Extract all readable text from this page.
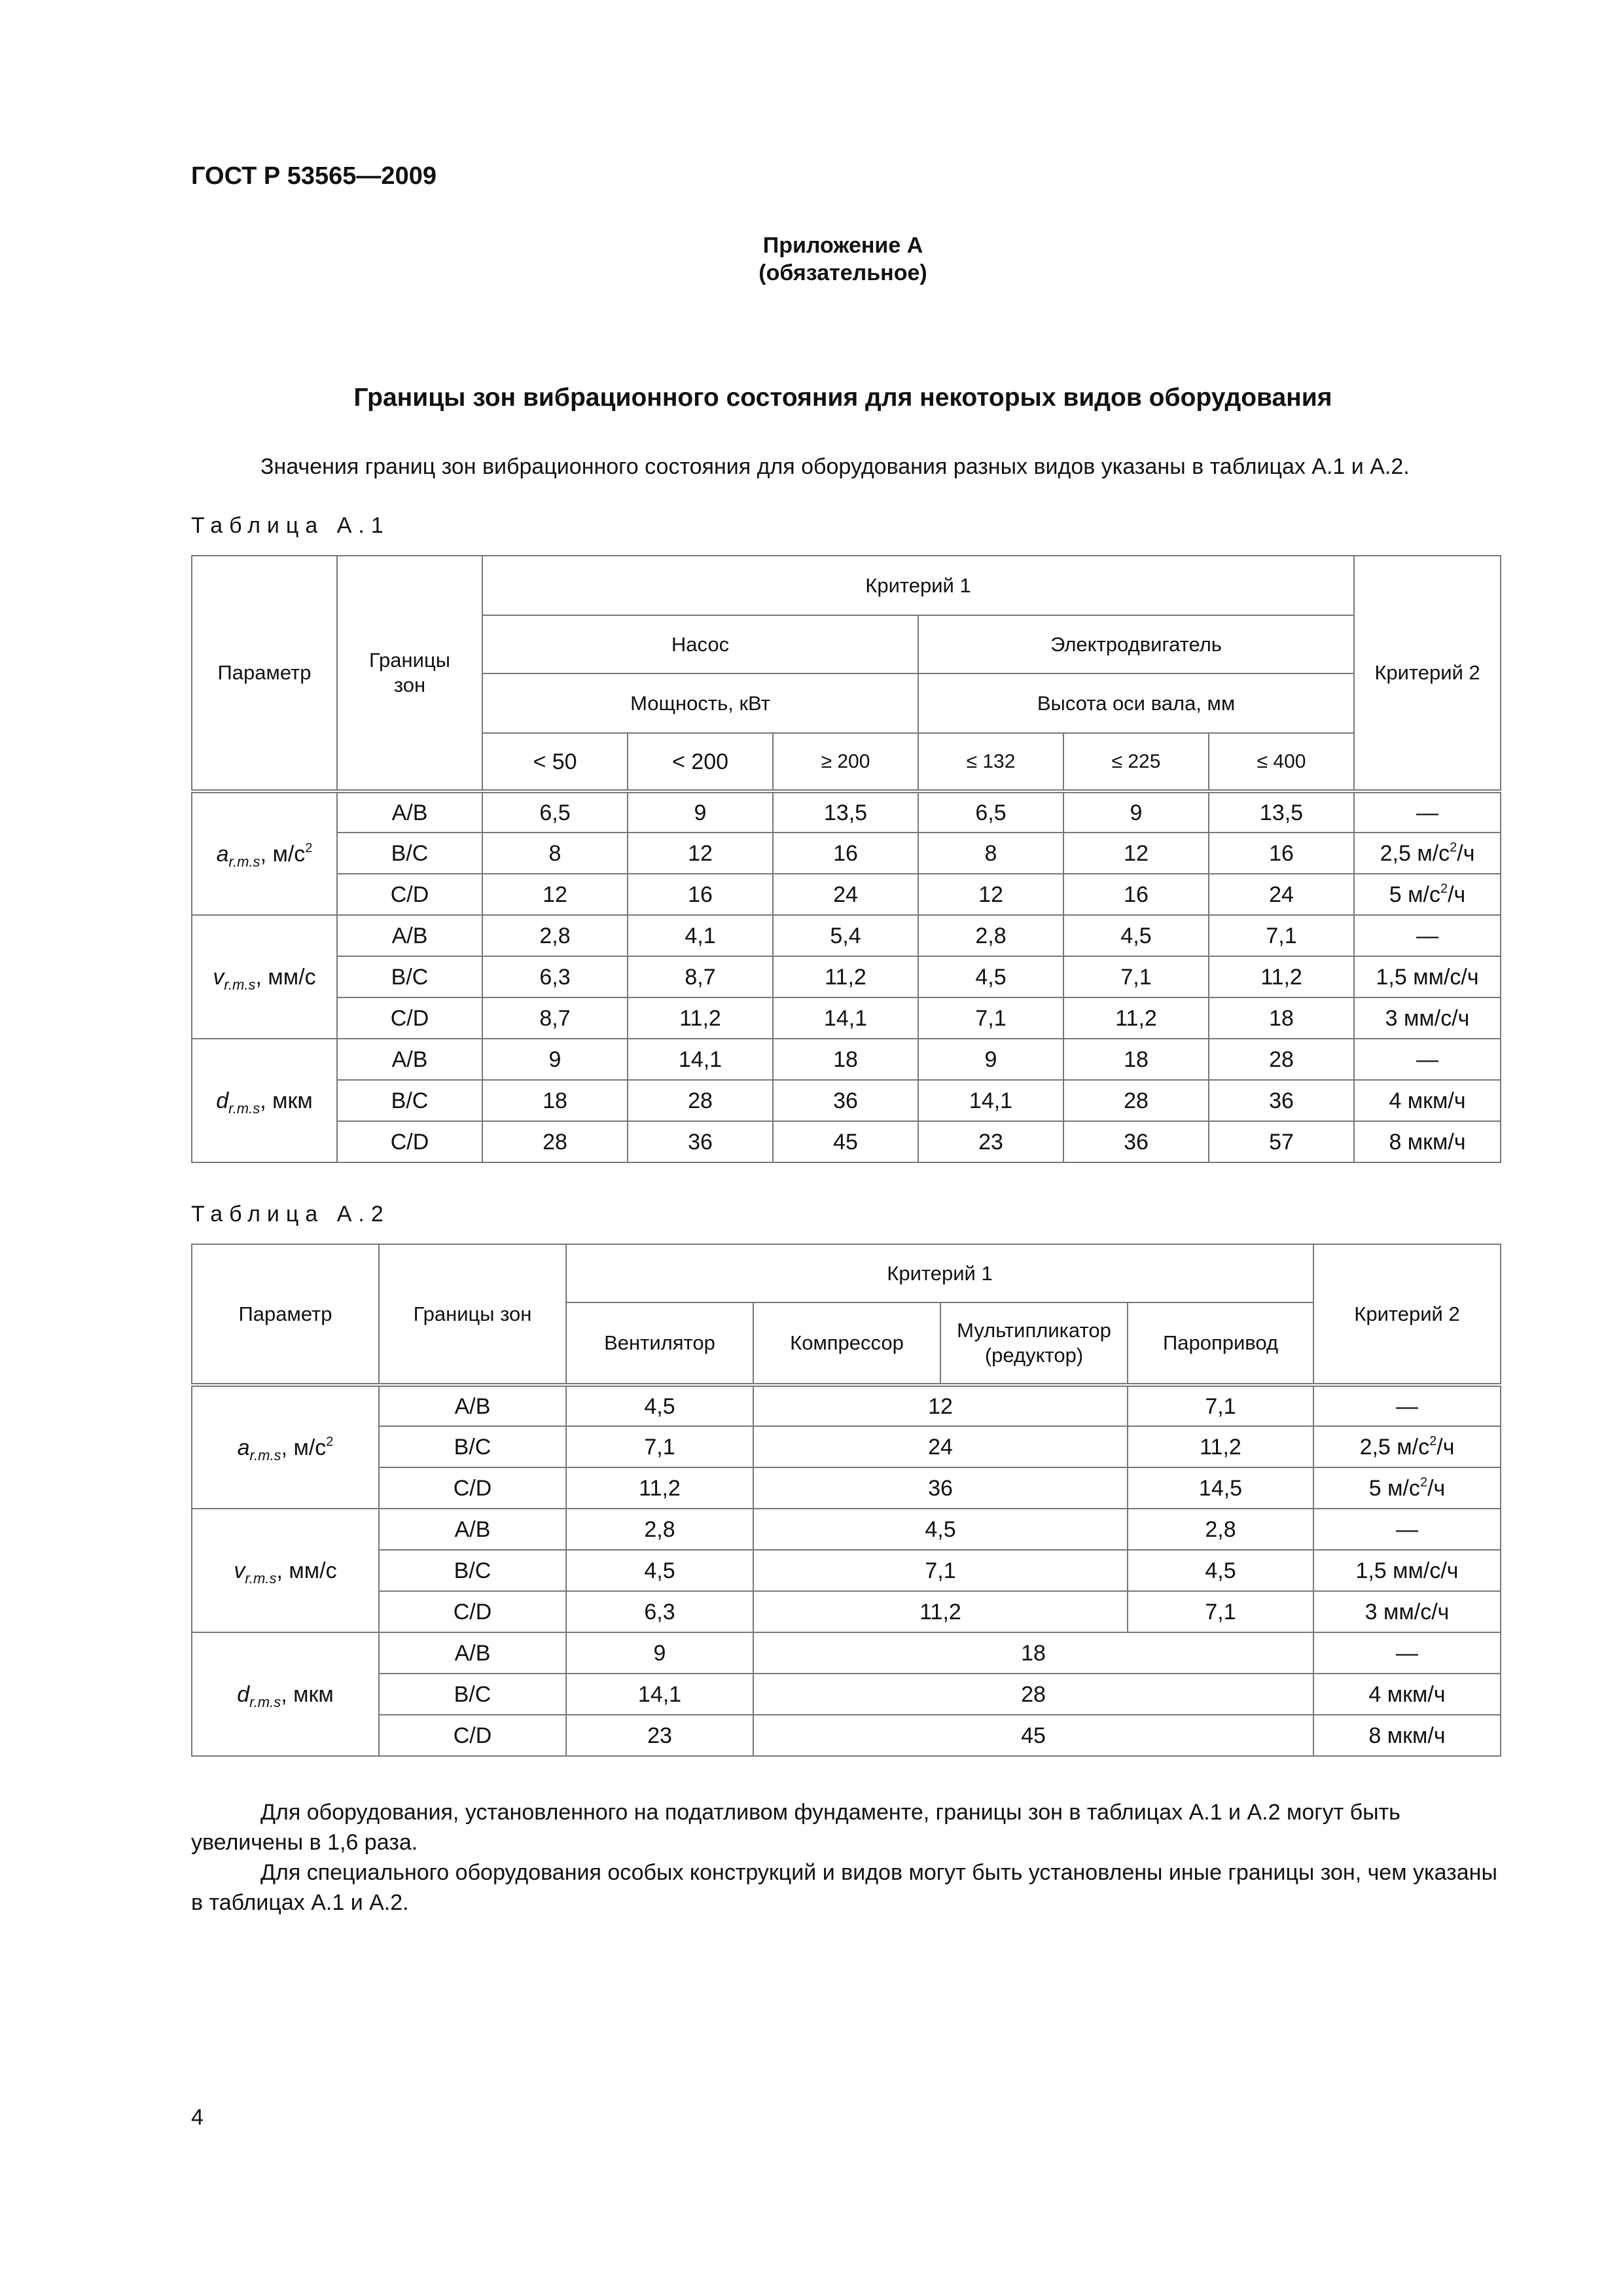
ГОСТ Р 53565—2009
Приложение А
(обязательное)
Границы зон вибрационного состояния для некоторых видов оборудования
Значения границ зон вибрационного состояния для оборудования разных видов указаны в таблицах А.1 и А.2.
Таблица А.1
Параметр	Границы зон	Критерий 1						Критерий 2
		Насос			Электродвигатель			
		Мощность, кВт			Высота оси вала, мм			
		< 50	< 200	≥ 200	≤ 132	≤ 225	≤ 400	
$a_{r.m.s}$, $м/с^2$	A/B	6,5	9	13,5	6,5	9	13,5	—
	B/C	8	12	16	8	12	16	2,5 $м/с^2/ч$
	C/D	12	16	24	12	16	24	5 $м/с^2/ч$
$v_{r.m.s}$, мм/с	A/B	2,8	4,1	5,4	2,8	4,5	7,1	—
	B/C	6,3	8,7	11,2	4,5	7,1	11,2	1,5 мм/с/ч
	C/D	8,7	11,2	14,1	7,1	11,2	18	3 мм/с/ч
$d_{r.m.s}$, мкм	A/B	9	14,1	18	9	18	28	—
	B/C	18	28	36	14,1	28	36	4 мкм/ч
	C/D	28	36	45	23	36	57	8 мкм/ч
Таблица А.2
Параметр	Границы зон	Критерий 1				Критерий 2
		Вентилятор	Компрессор	Мультипликатор (редуктор)	Паропривод	
$a_{r.m.s}$, $м/с^2$	A/B	4,5	12		7,1	—
	B/C	7,1	24		11,2	2,5 $м/с^2/ч$
	C/D	11,2	36		14,5	5 $м/с^2/ч$
$v_{r.m.s}$, мм/с	A/B	2,8	4,5		2,8	—
	B/C	4,5	7,1		4,5	1,5 мм/с/ч
	C/D	6,3	11,2		7,1	3 мм/с/ч
$d_{r.m.s}$, мкм	A/B	9	18			—
	B/C	14,1	28			4 мкм/ч
	C/D	23	45			8 мкм/ч
Для оборудования, установленного на податливом фундаменте, границы зон в таблицах А.1 и А.2 могут быть увеличены в 1,6 раза.
Для специального оборудования особых конструкций и видов могут быть установлены иные границы зон, чем указаны в таблицах А.1 и А.2.
4
